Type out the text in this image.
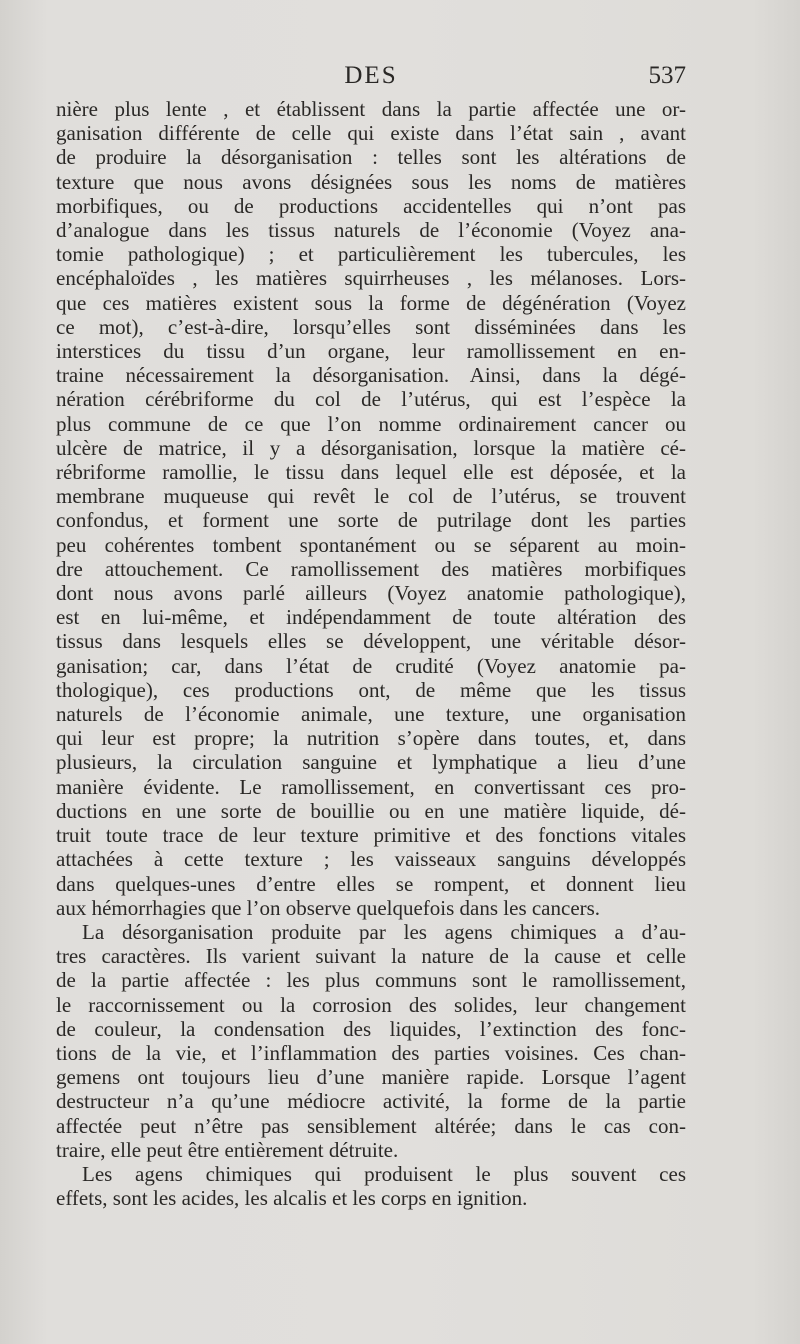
DES	537

nière plus lente , et établissent dans la partie affectée une or-
ganisation différente de celle qui existe dans l’état sain , avant
de produire la désorganisation : telles sont les altérations de
texture que nous avons désignées sous les noms de matières
morbifiques, ou de productions accidentelles qui n’ont pas
d’analogue dans les tissus naturels de l’économie (Voyez ana-
tomie pathologique) ; et particulièrement les tubercules, les
encéphaloïdes , les matières squirrheuses , les mélanoses. Lors-
que ces matières existent sous la forme de dégénération (Voyez
ce mot), c’est-à-dire, lorsqu’elles sont disséminées dans les
interstices du tissu d’un organe, leur ramollissement en en-
traine nécessairement la désorganisation. Ainsi, dans la dégé-
nération cérébriforme du col de l’utérus, qui est l’espèce la
plus commune de ce que l’on nomme ordinairement cancer ou
ulcère de matrice, il y a désorganisation, lorsque la matière cé-
rébriforme ramollie, le tissu dans lequel elle est déposée, et la
membrane muqueuse qui revêt le col de l’utérus, se trouvent
confondus, et forment une sorte de putrilage dont les parties
peu cohérentes tombent spontanément ou se séparent au moin-
dre attouchement. Ce ramollissement des matières morbifiques
dont nous avons parlé ailleurs (Voyez anatomie pathologique),
est en lui-même, et indépendamment de toute altération des
tissus dans lesquels elles se développent, une véritable désor-
ganisation; car, dans l’état de crudité (Voyez anatomie pa-
thologique), ces productions ont, de même que les tissus
naturels de l’économie animale, une texture, une organisation
qui leur est propre; la nutrition s’opère dans toutes, et, dans
plusieurs, la circulation sanguine et lymphatique a lieu d’une
manière évidente. Le ramollissement, en convertissant ces pro-
ductions en une sorte de bouillie ou en une matière liquide, dé-
truit toute trace de leur texture primitive et des fonctions vitales
attachées à cette texture ; les vaisseaux sanguins développés
dans quelques-unes d’entre elles se rompent, et donnent lieu
aux hémorrhagies que l’on observe quelquefois dans les cancers.

La désorganisation produite par les agens chimiques a d’au-
tres caractères. Ils varient suivant la nature de la cause et celle
de la partie affectée : les plus communs sont le ramollissement,
le raccornissement ou la corrosion des solides, leur changement
de couleur, la condensation des liquides, l’extinction des fonc-
tions de la vie, et l’inflammation des parties voisines. Ces chan-
gemens ont toujours lieu d’une manière rapide. Lorsque l’agent
destructeur n’a qu’une médiocre activité, la forme de la partie
affectée peut n’être pas sensiblement altérée; dans le cas con-
traire, elle peut être entièrement détruite.

Les agens chimiques qui produisent le plus souvent ces
effets, sont les acides, les alcalis et les corps en ignition.
